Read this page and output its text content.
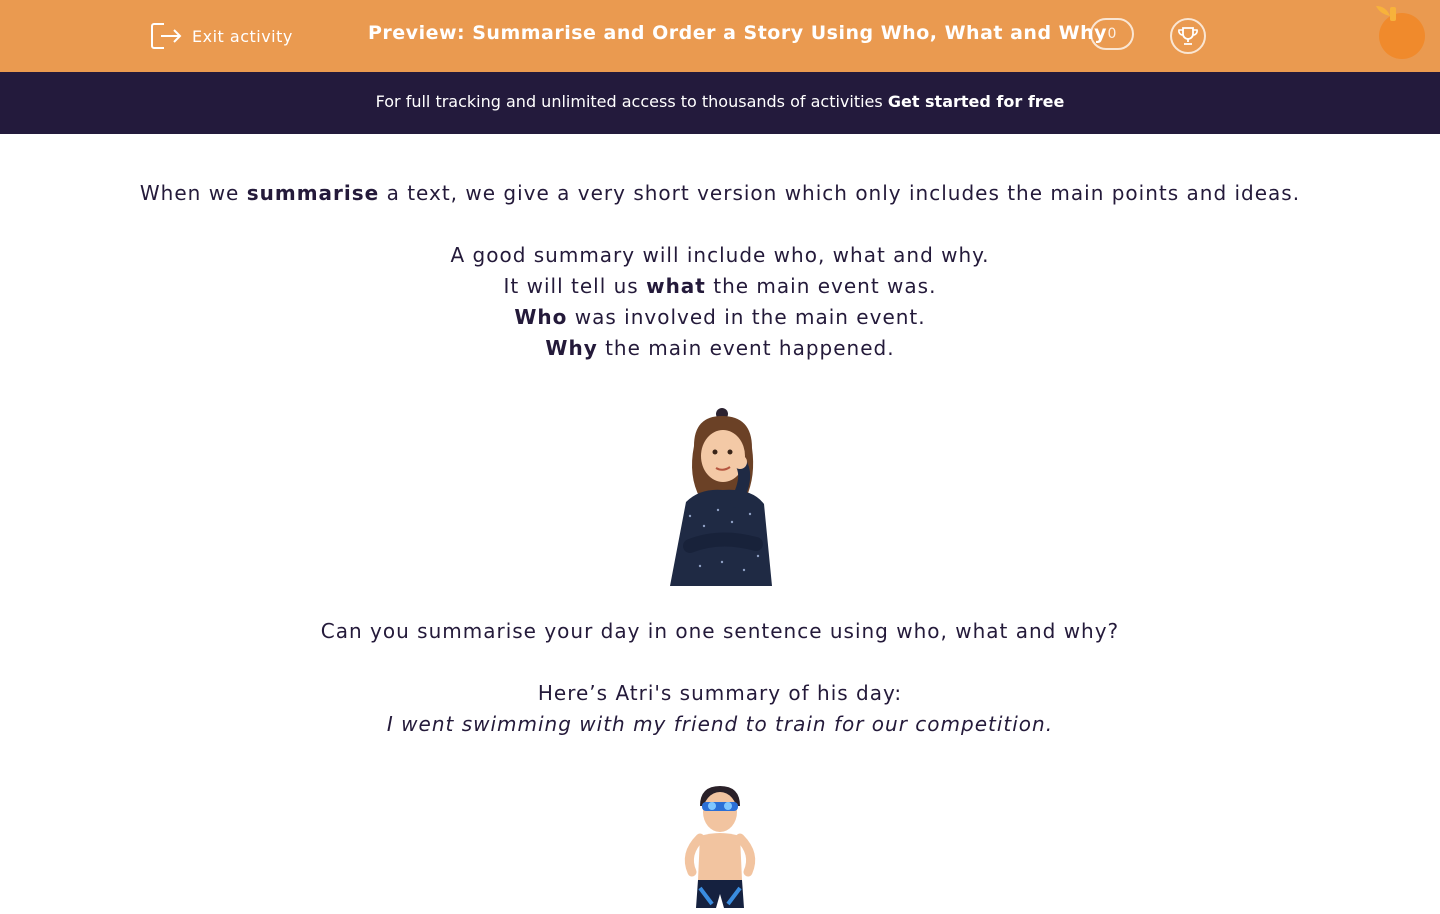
Exit activity	Preview: Summarise and Order a Story Using Who, What and Why 0
For full tracking and unlimited access to thousands of activities Get started for free

When we summarise a text, we give a very short version which only includes the main points and ideas.

A good summary will include who, what and why.

It will tell us what the main event was.

Who was involved in the main event.

Why the main event happened.

Can you summarise your day in one sentence using who, what and why?

Here’s Atri's summary of his day:

I went swimming with my friend to train for our competition.
